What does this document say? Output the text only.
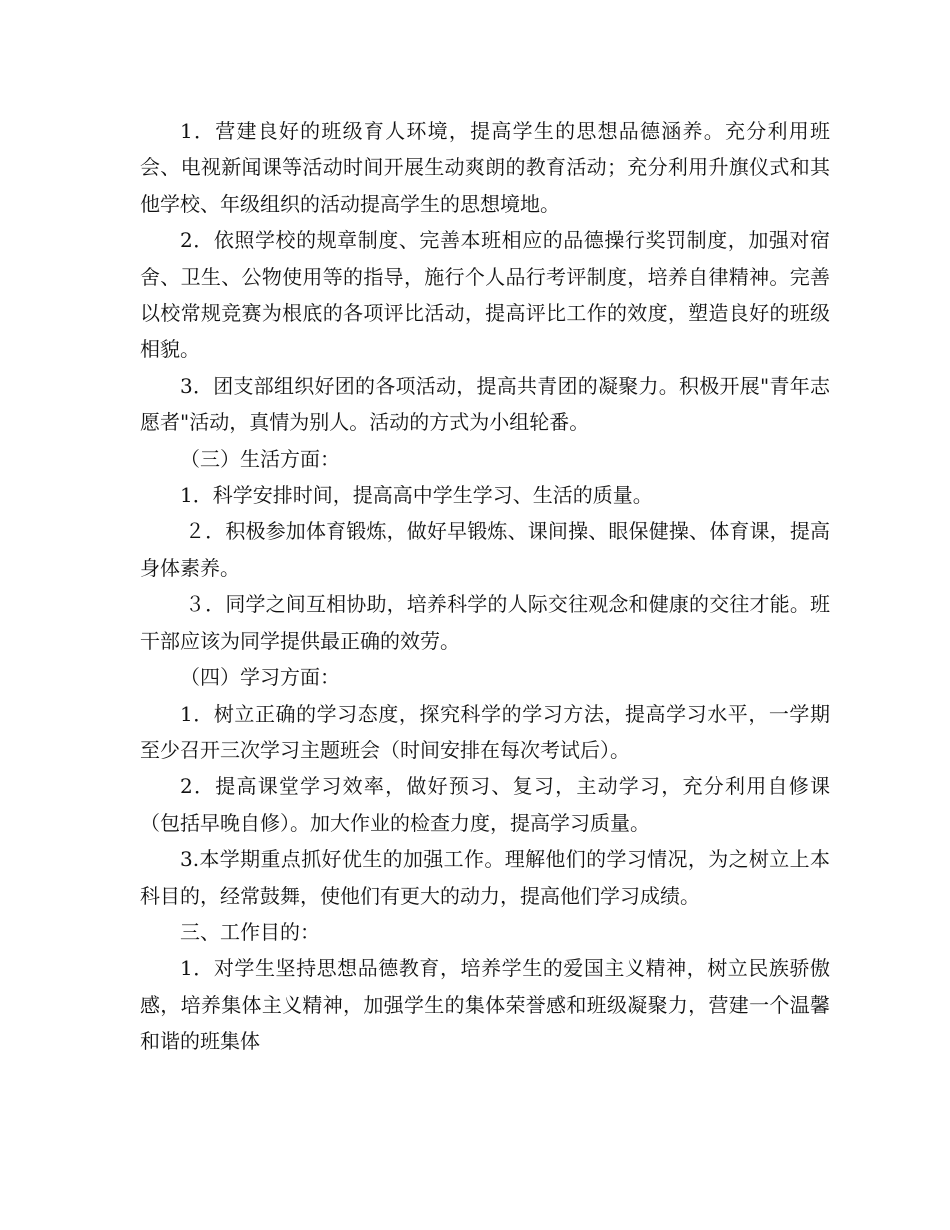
1．营建良好的班级育人环境，提高学生的思想品德涵养。充分利用班会、电视新闻课等活动时间开展生动爽朗的教育活动；充分利用升旗仪式和其他学校、年级组织的活动提高学生的思想境地。

2．依照学校的规章制度、完善本班相应的品德操行奖罚制度，加强对宿舍、卫生、公物使用等的指导，施行个人品行考评制度，培养自律精神。完善以校常规竞赛为根底的各项评比活动，提高评比工作的效度，塑造良好的班级相貌。

3．团支部组织好团的各项活动，提高共青团的凝聚力。积极开展"青年志愿者"活动，真情为别人。活动的方式为小组轮番。

（三）生活方面：

1．科学安排时间，提高高中学生学习、生活的质量。

２．积极参加体育锻炼，做好早锻炼、课间操、眼保健操、体育课，提高身体素养。

３．同学之间互相协助，培养科学的人际交往观念和健康的交往才能。班干部应该为同学提供最正确的效劳。

（四）学习方面：

1．树立正确的学习态度，探究科学的学习方法，提高学习水平，一学期至少召开三次学习主题班会（时间安排在每次考试后）。

2．提高课堂学习效率，做好预习、复习，主动学习，充分利用自修课（包括早晚自修）。加大作业的检查力度，提高学习质量。

3.本学期重点抓好优生的加强工作。理解他们的学习情况，为之树立上本科目的，经常鼓舞，使他们有更大的动力，提高他们学习成绩。

三、工作目的：

1．对学生坚持思想品德教育，培养学生的爱国主义精神，树立民族骄傲感，培养集体主义精神，加强学生的集体荣誉感和班级凝聚力，营建一个温馨和谐的班集体
